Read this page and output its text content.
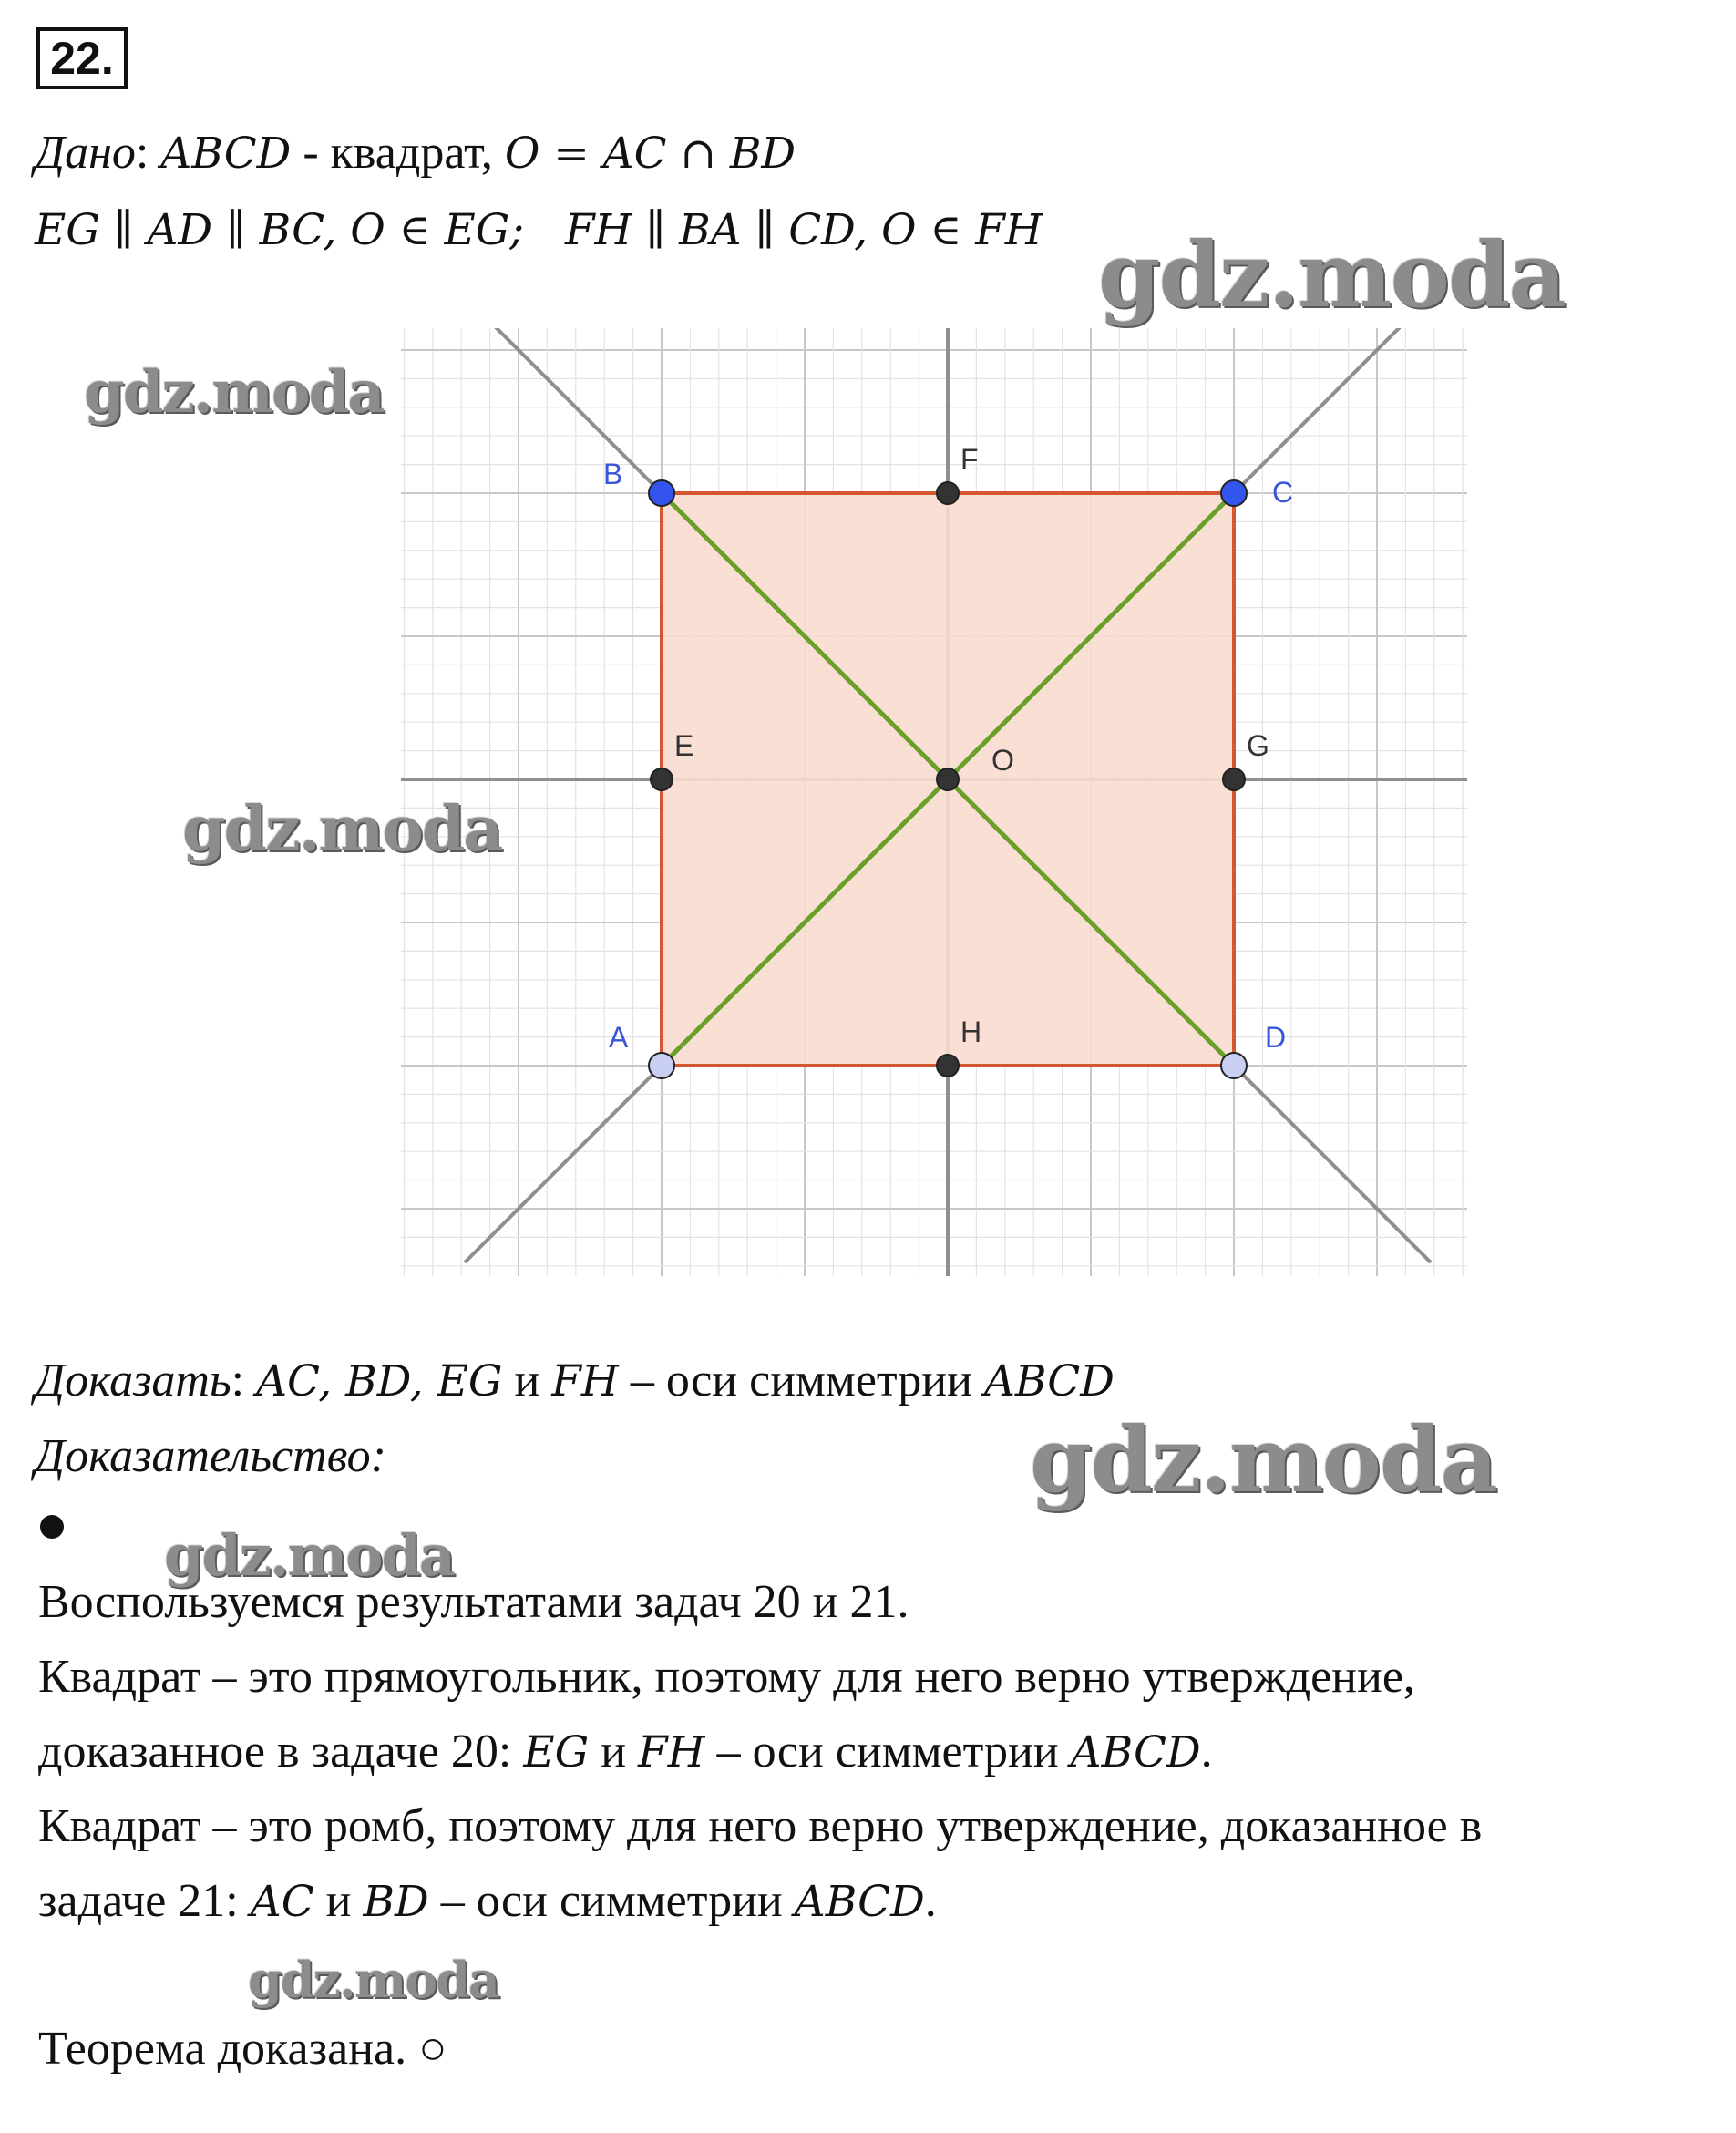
22.
Дано: ABCD - квадрат, O = AC ∩ BD
EG ∥ AD ∥ BC, O ∈ EG;   FH ∥ BA ∥ CD, O ∈ FH
A
B
C
D
E
F
G
H
O
Доказать: AC, BD, EG и FH – оси симметрии ABCD
Доказательство:
Воспользуемся результатами задач 20 и 21.
Квадрат – это прямоугольник, поэтому для него верно утверждение,
доказанное в задаче 20: EG и FH – оси симметрии ABCD.
Квадрат – это ромб, поэтому для него верно утверждение, доказанное в
задаче 21: AC и BD – оси симметрии ABCD.
Теорема доказана. ○
gdz.moda
gdz.moda
gdz.moda
gdz.moda
gdz.moda
gdz.moda
